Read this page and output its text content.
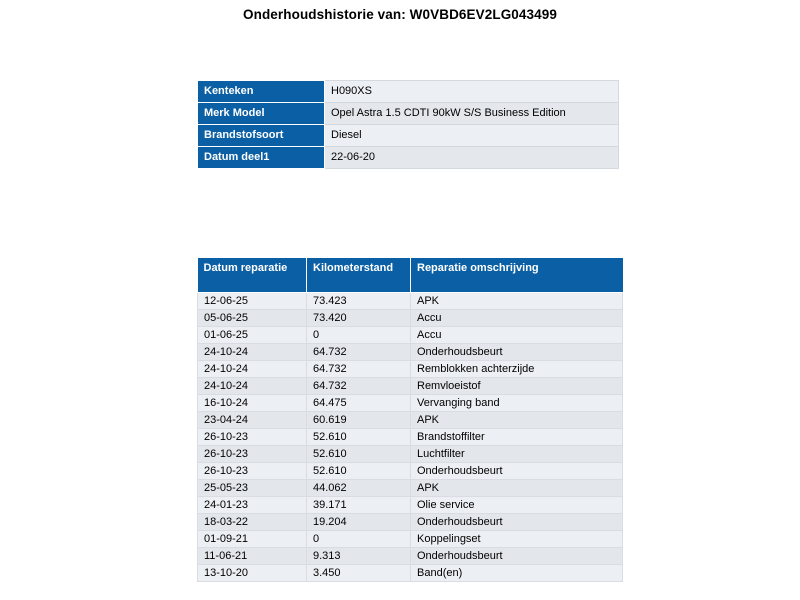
Onderhoudshistorie van: W0VBD6EV2LG043499
Kenteken	H090XS
Merk Model	Opel Astra 1.5 CDTI 90kW S/S Business Edition
Brandstofsoort	Diesel
Datum deel1	22-06-20
Datum reparatie	Kilometerstand	Reparatie omschrijving
12-06-25	73.423	APK
05-06-25	73.420	Accu
01-06-25	0	Accu
24-10-24	64.732	Onderhoudsbeurt
24-10-24	64.732	Remblokken achterzijde
24-10-24	64.732	Remvloeistof
16-10-24	64.475	Vervanging band
23-04-24	60.619	APK
26-10-23	52.610	Brandstoffilter
26-10-23	52.610	Luchtfilter
26-10-23	52.610	Onderhoudsbeurt
25-05-23	44.062	APK
24-01-23	39.171	Olie service
18-03-22	19.204	Onderhoudsbeurt
01-09-21	0	Koppelingset
11-06-21	9.313	Onderhoudsbeurt
13-10-20	3.450	Band(en)
